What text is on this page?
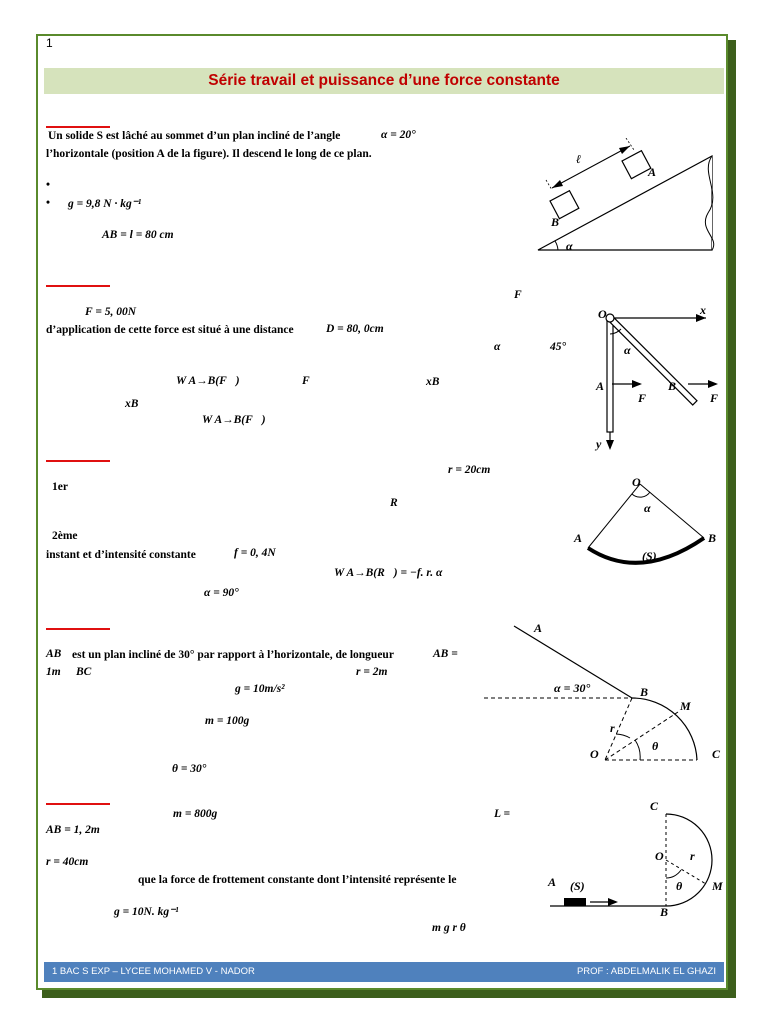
1
Série travail et puissance d’une force constante
Un solide S est lâché au sommet d’un plan incliné de l’angle	α = 20°
l’horizontale (position A de la figure). Il descend le long de ce plan.
•
• g = 9,8 N · kg⁻¹
AB = l = 80 cm
ℓ
A
B
α
F⃗
F = 5, 00N
d’application de cette force est situé à une distance	D = 80, 0cm
α	45°
W A→B(F⃗)	F	xB
xB
W A→B(F⃗)
O	x
α
A	B
F⃗	F⃗
y
r = 20cm
1er
R⃗
2ème
instant et d’intensité constante	f = 0, 4N
W A→B(R⃗) = −f. r. α
α = 90°
O
α
A	B
(S)
AB est un plan incliné de 30° par rapport à l’horizontale, de longueur	AB =
1m BC	r = 2m
g = 10m/s²
m = 100g
θ = 30°
A
α = 30°	B
M
r
O
θ
C
m = 800g	L =
AB = 1, 2m
r = 40cm
que la force de frottement constante dont l’intensité représente le
g = 10N. kg⁻¹
m g r θ
C
O r
θ
A (S)	M
B
1 BAC S EXP – LYCEE MOHAMED V - NADOR	PROF : ABDELMALIK EL GHAZI
